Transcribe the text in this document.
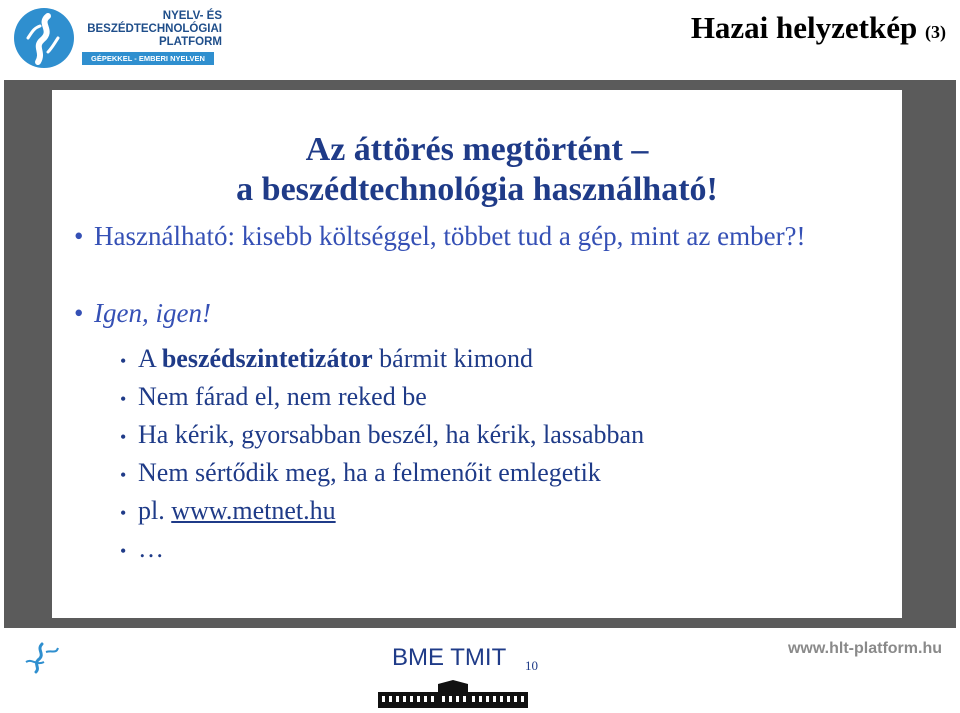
NYELV- ÉS
BESZÉDTECHNOLÓGIAI
PLATFORM
GÉPEKKEL - EMBERI NYELVEN
Hazai helyzetkép (3)
Az áttörés megtörtént –
a beszédtechnológia használható!
• Használható: kisebb költséggel, többet tud a gép, mint az ember?!
• Igen, igen!
• A beszédszintetizátor bármit kimond
• Nem fárad el, nem reked be
• Ha kérik, gyorsabban beszél, ha kérik, lassabban
• Nem sértődik meg, ha a felmenőit emlegetik
• pl. www.metnet.hu
• …
BME TMIT 10
www.hlt-platform.hu
